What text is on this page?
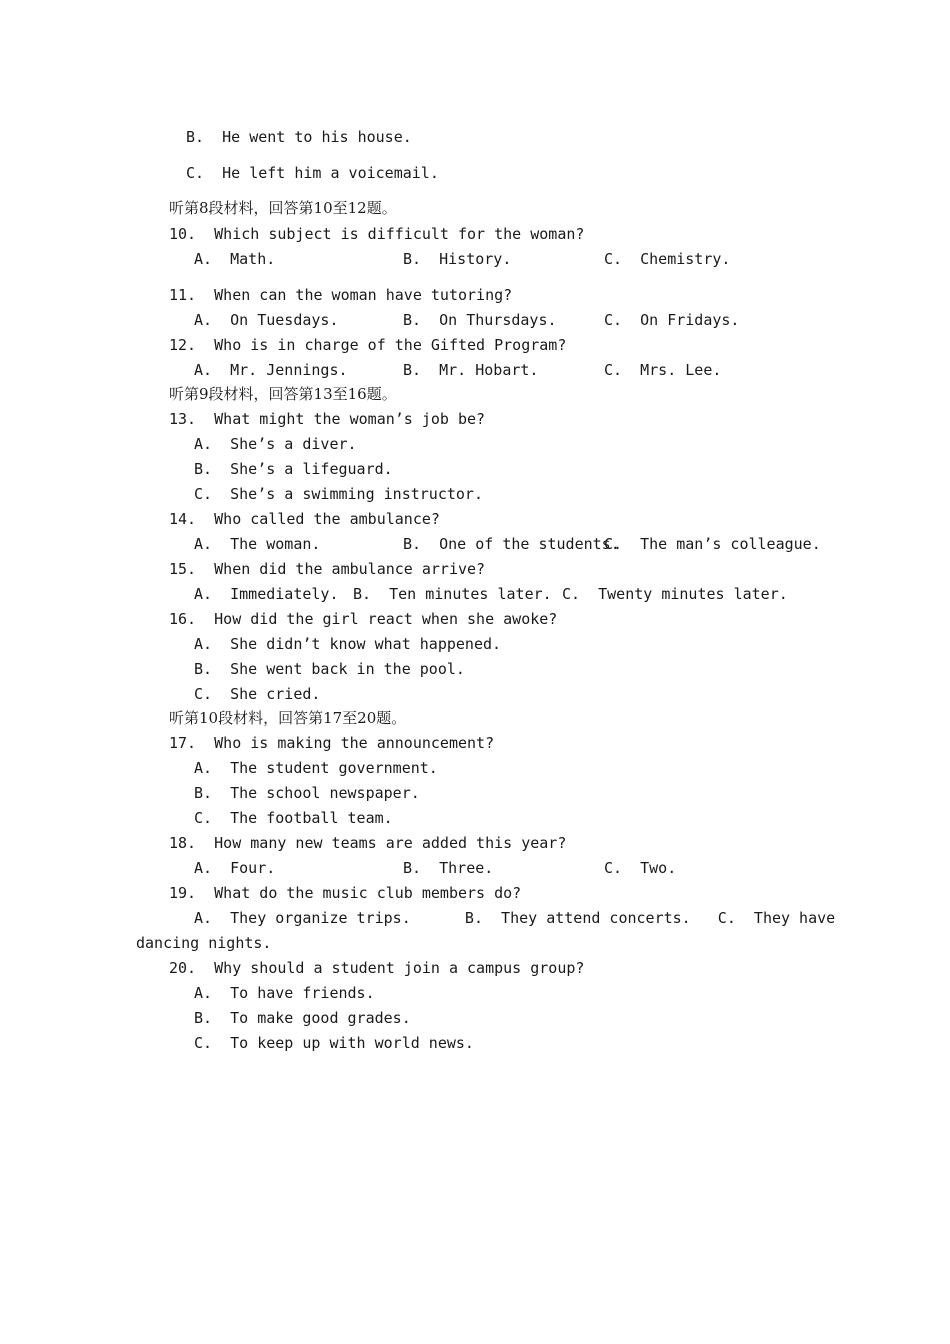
B.  He went to his house.
C.  He left him a voicemail.
听第8段材料，回答第10至12题。
10.  Which subject is difficult for the woman?
A.  Math.	B.  History.	C.  Chemistry.
11.  When can the woman have tutoring?
A.  On Tuesdays.	B.  On Thursdays.	C.  On Fridays.
12.  Who is in charge of the Gifted Program?
A.  Mr. Jennings.	B.  Mr. Hobart.	C.  Mrs. Lee.
听第9段材料，回答第13至16题。
13.  What might the woman’s job be?
A.  She’s a diver.
B.  She’s a lifeguard.
C.  She’s a swimming instructor.
14.  Who called the ambulance?
A.  The woman.	B.  One of the students.
C.  The man’s colleague.
15.  When did the ambulance arrive?
A.  Immediately. B.  Ten minutes later. C.  Twenty minutes later.
16.  How did the girl react when she awoke?
A.  She didn’t know what happened.
B.  She went back in the pool.
C.  She cried.
听第10段材料，回答第17至20题。
17.  Who is making the announcement?
A.  The student government.
B.  The school newspaper.
C.  The football team.
18.  How many new teams are added this year?
A.  Four.	B.  Three.	C.  Two.
19.  What do the music club members do?
A.  They organize trips.      B.  They attend concerts.   C.  They have
dancing nights.
20.  Why should a student join a campus group?
A.  To have friends.
B.  To make good grades.
C.  To keep up with world news.
